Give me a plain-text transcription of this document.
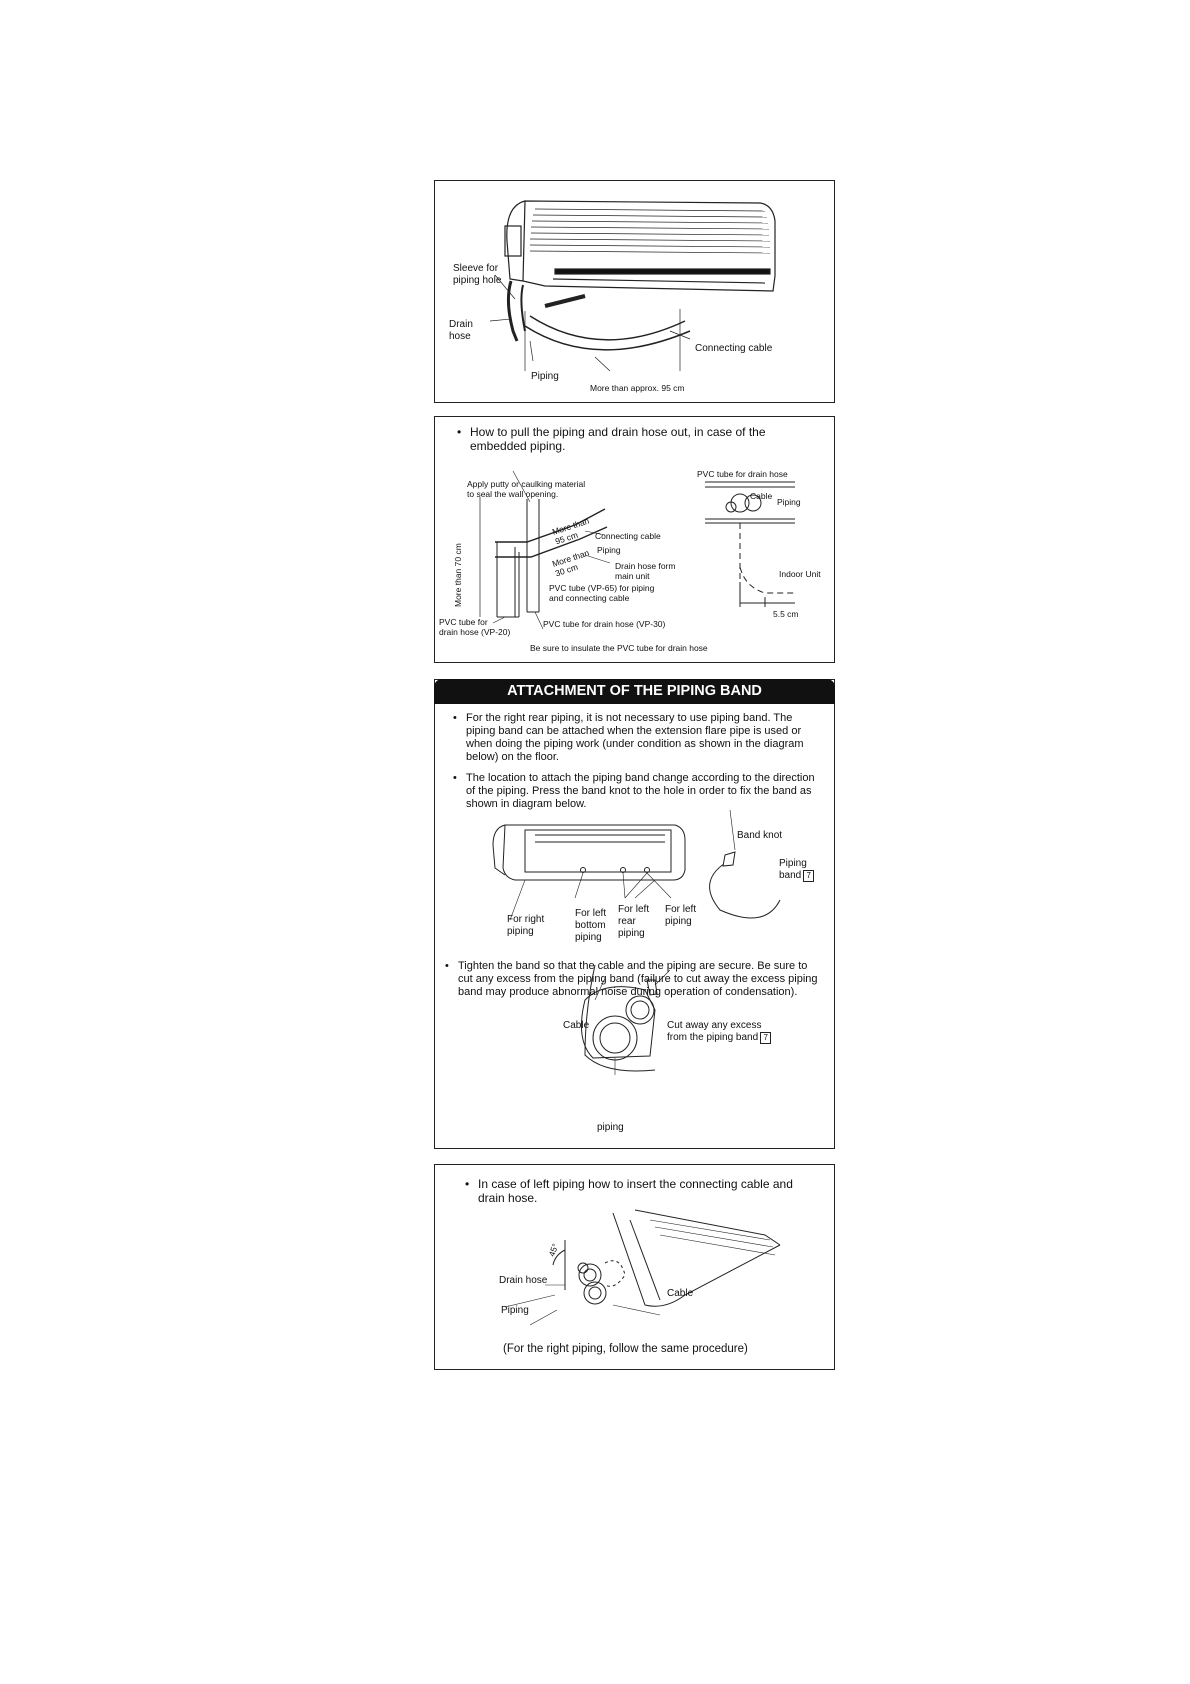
Sleeve for
piping hole
Drain
hose
Connecting cable
Piping
More than approx. 95 cm
• How to pull the piping and drain hose out, in case of the embedded piping.
Apply putty or caulking material
to seal the wall opening.
More than
95 cm	Connecting cable
Piping
More than 70 cm	More than
30 cm	Drain hose form
main unit
PVC tube (VP-65) for piping
and connecting cable
PVC tube for
drain hose (VP-20)
PVC tube for drain hose (VP-30)
Be sure to insulate the PVC tube for drain hose
PVC tube for drain hose
Cable
Piping
Indoor Unit
5.5 cm
ATTACHMENT OF THE PIPING BAND
• For the right rear piping, it is not necessary to use piping band. The piping band can be attached when the extension flare pipe is used or when doing the piping work (under condition as shown in the diagram below) on the floor.
• The location to attach the piping band change according to the direction of the piping. Press the band knot to the hole in order to fix the band as shown in diagram below.
Band knot
Piping
band 7
For right
piping
For left
bottom
piping
For left
rear
piping
For left
piping
• Tighten the band so that the cable and the piping are secure. Be sure to cut any excess from the piping band (failure to cut away the excess piping band may produce abnormal noise during operation of condensation).
Cable	Cut away any excess
from the piping band 7
piping
• In case of left piping how to insert the connecting cable and drain hose.
45°
Drain hose
Piping
Cable
(For the right piping, follow the same procedure)
